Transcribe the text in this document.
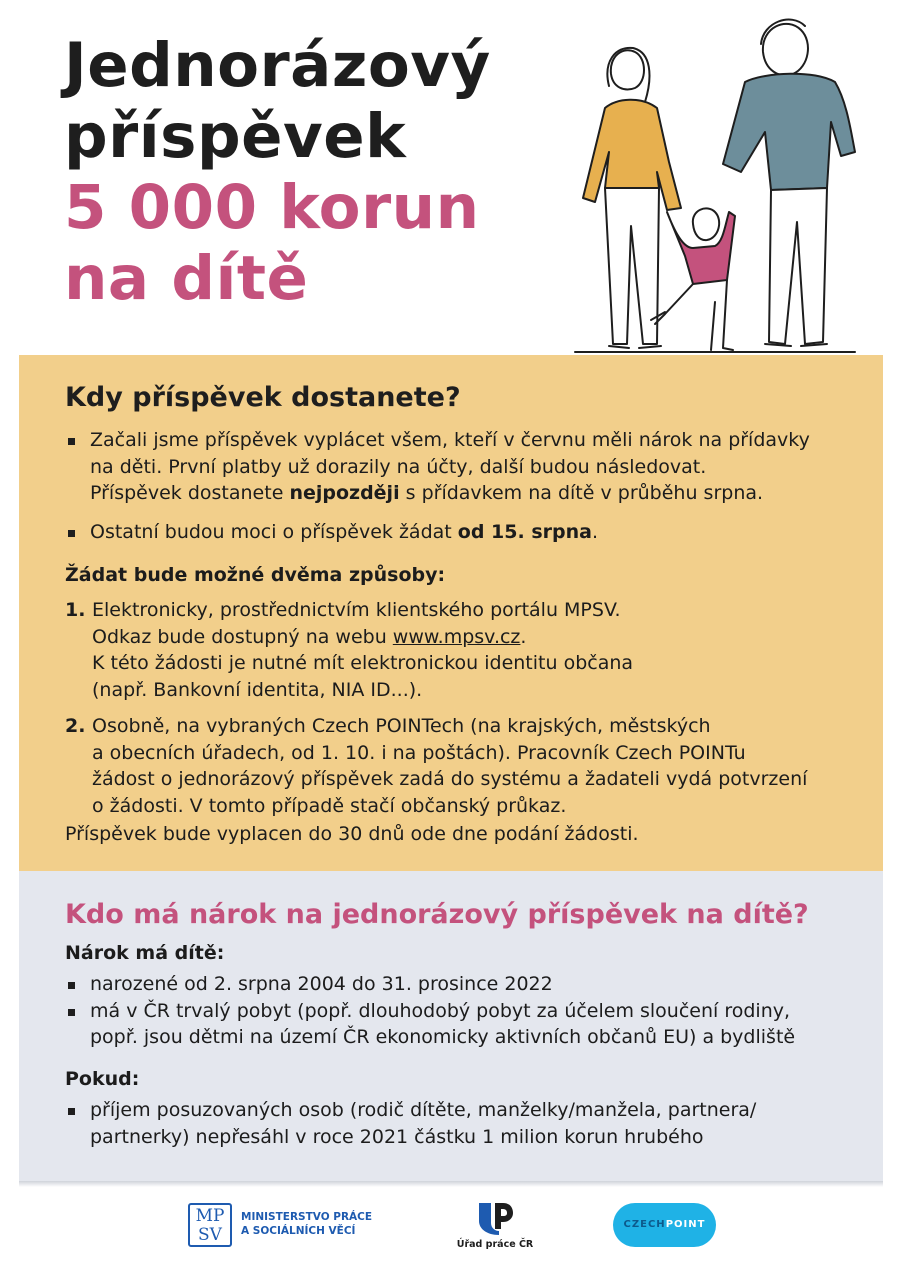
Jednorázový
příspěvek
5 000 korun
na dítě
Kdy příspěvek dostanete?
Začali jsme příspěvek vyplácet všem, kteří v červnu měli nárok na přídavky
na děti. První platby už dorazily na účty, další budou následovat.
Příspěvek dostanete nejpozději s přídavkem na dítě v průběhu srpna.
Ostatní budou moci o příspěvek žádat od 15. srpna.

Žádat bude možné dvěma způsoby:

1. Elektronicky, prostřednictvím klientského portálu MPSV.
Odkaz bude dostupný na webu www.mpsv.cz.
K této žádosti je nutné mít elektronickou identitu občana
(např. Bankovní identita, NIA ID...).
2. Osobně, na vybraných Czech POINTech (na krajských, městských
a obecních úřadech, od 1. 10. i na poštách). Pracovník Czech POINTu
žádost o jednorázový příspěvek zadá do systému a žadateli vydá potvrzení
o žádosti. V tomto případě stačí občanský průkaz.

Příspěvek bude vyplacen do 30 dnů ode dne podání žádosti.

Kdo má nárok na jednorázový příspěvek na dítě?

Nárok má dítě:

narozené od 2. srpna 2004 do 31. prosince 2022
má v ČR trvalý pobyt (popř. dlouhodobý pobyt za účelem sloučení rodiny,
popř. jsou dětmi na území ČR ekonomicky aktivních občanů EU) a bydliště

Pokud:

příjem posuzovaných osob (rodič dítěte, manželky/manžela, partnera/
partnerky) nepřesáhl v roce 2021 částku 1 milion korun hrubého
MP
SV
MINISTERSTVO PRÁCE
A SOCIÁLNÍCH VĚCÍ
Úřad práce ČR
CZECHPOINT
